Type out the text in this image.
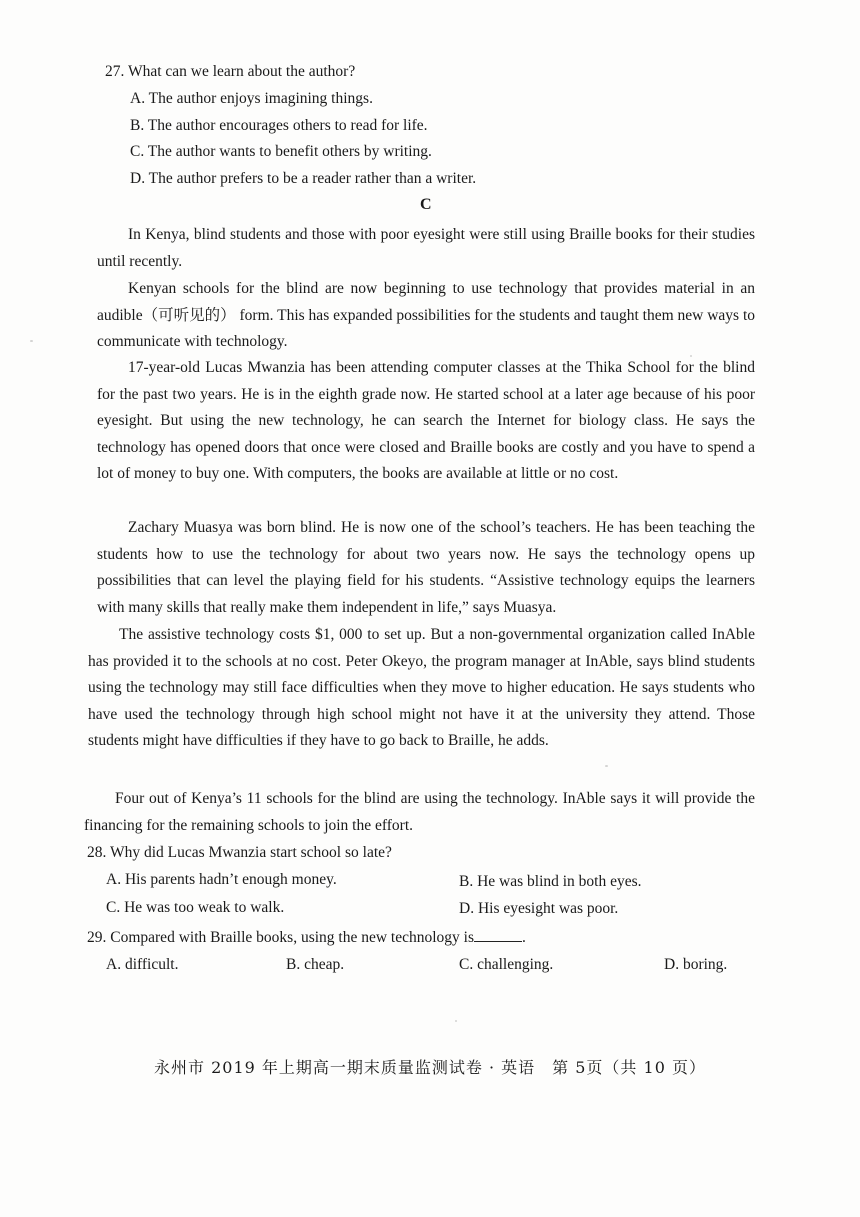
27. What can we learn about the author?
A. The author enjoys imagining things.
B. The author encourages others to read for life.
C. The author wants to benefit others by writing.
D. The author prefers to be a reader rather than a writer.
C
In Kenya, blind students and those with poor eyesight were still using Braille books for their studies until recently.
Kenyan schools for the blind are now beginning to use technology that provides material in an audible（可听见的） form. This has expanded possibilities for the students and taught them new ways to communicate with technology.
17-year-old Lucas Mwanzia has been attending computer classes at the Thika School for the blind for the past two years. He is in the eighth grade now. He started school at a later age because of his poor eyesight. But using the new technology, he can search the Internet for biology class. He says the technology has opened doors that once were closed and Braille books are costly and you have to spend a lot of money to buy one. With computers, the books are available at little or no cost.
Zachary Muasya was born blind. He is now one of the school’s teachers. He has been teaching the students how to use the technology for about two years now. He says the technology opens up possibilities that can level the playing field for his students. “Assistive technology equips the learners with many skills that really make them independent in life,” says Muasya.
The assistive technology costs $1, 000 to set up. But a non-governmental organization called InAble has provided it to the schools at no cost. Peter Okeyo, the program manager at InAble, says blind students using the technology may still face difficulties when they move to higher education. He says students who have used the technology through high school might not have it at the university they attend. Those students might have difficulties if they have to go back to Braille, he adds.
Four out of Kenya’s 11 schools for the blind are using the technology. InAble says it will provide the financing for the remaining schools to join the effort.
28. Why did Lucas Mwanzia start school so late?
A. His parents hadn’t enough money.	B. He was blind in both eyes.
C. He was too weak to walk.	D. His eyesight was poor.
29. Compared with Braille books, using the new technology is	.
A. difficult.	B. cheap.	C. challenging.	D. boring.
永州市 2019 年上期高一期末质量监测试卷 · 英语　第 5页（共 10 页）
